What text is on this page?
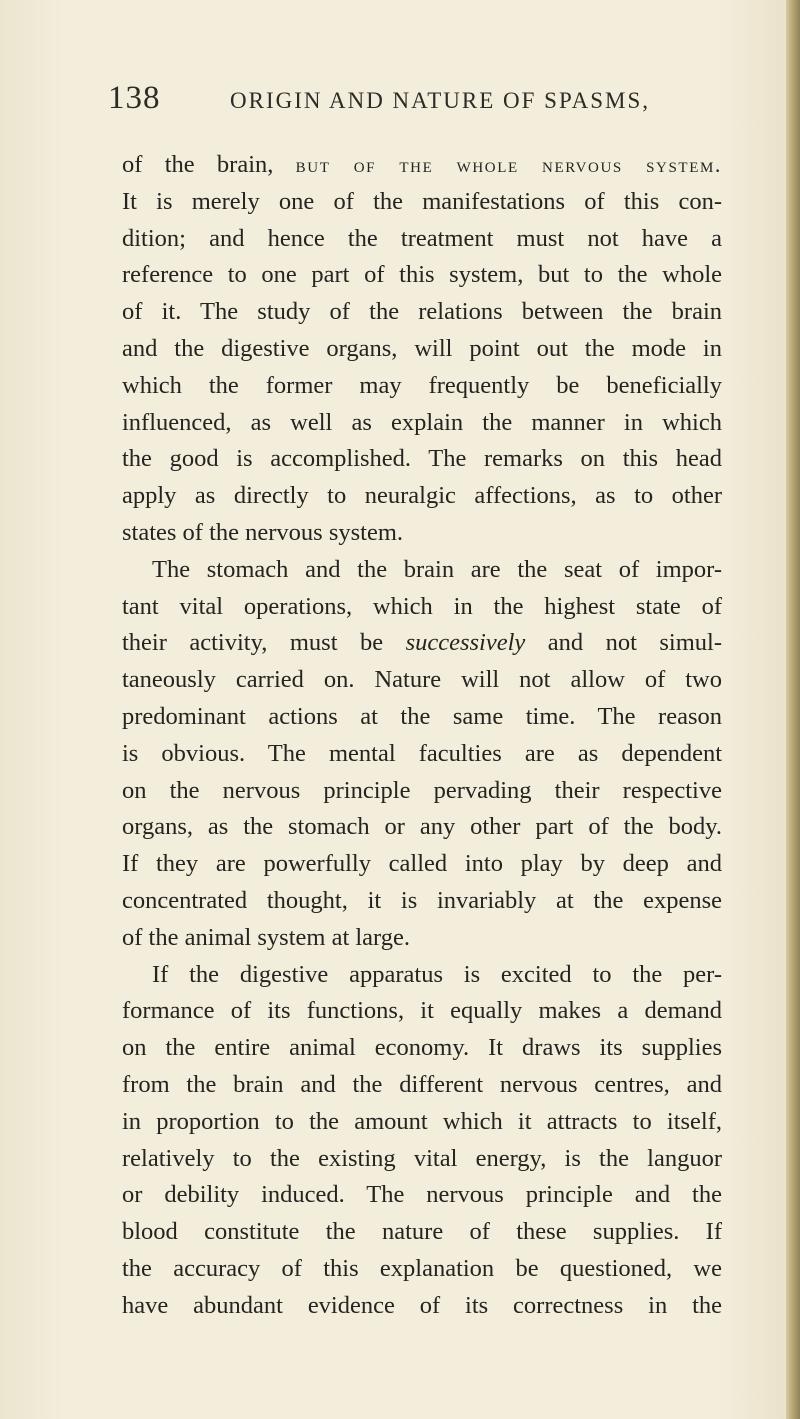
138	ORIGIN AND NATURE OF SPASMS,
of the brain, but of the whole nervous system.
It is merely one of the manifestations of this con-
dition; and hence the treatment must not have a
reference to one part of this system, but to the whole
of it. The study of the relations between the brain
and the digestive organs, will point out the mode in
which the former may frequently be beneficially
influenced, as well as explain the manner in which
the good is accomplished. The remarks on this head
apply as directly to neuralgic affections, as to other
states of the nervous system.
The stomach and the brain are the seat of impor-
tant vital operations, which in the highest state of
their activity, must be successively and not simul-
taneously carried on. Nature will not allow of two
predominant actions at the same time. The reason
is obvious. The mental faculties are as dependent
on the nervous principle pervading their respective
organs, as the stomach or any other part of the body.
If they are powerfully called into play by deep and
concentrated thought, it is invariably at the expense
of the animal system at large.
If the digestive apparatus is excited to the per-
formance of its functions, it equally makes a demand
on the entire animal economy. It draws its supplies
from the brain and the different nervous centres, and
in proportion to the amount which it attracts to itself,
relatively to the existing vital energy, is the languor
or debility induced. The nervous principle and the
blood constitute the nature of these supplies. If
the accuracy of this explanation be questioned, we
have abundant evidence of its correctness in the
